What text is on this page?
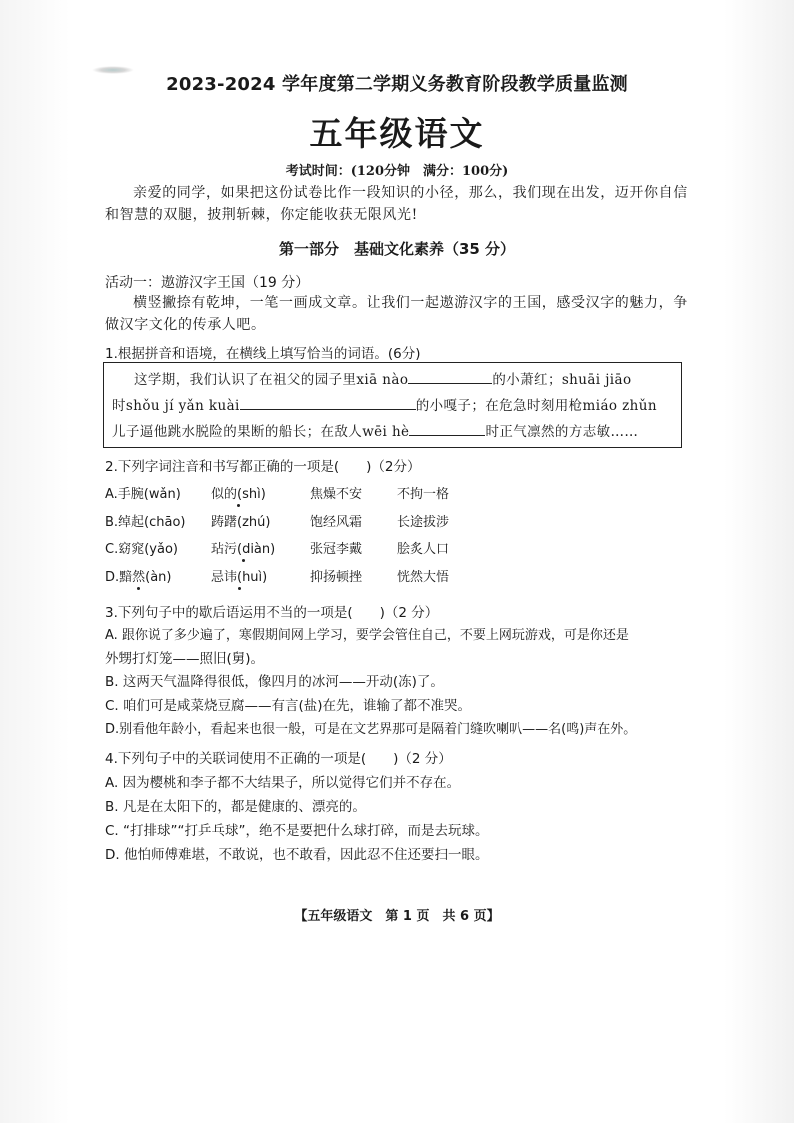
2023-2024 学年度第二学期义务教育阶段教学质量监测
五年级语文
考试时间：(120分钟　满分：100分)
亲爱的同学，如果把这份试卷比作一段知识的小径，那么，我们现在出发，迈开你自信和智慧的双腿，披荆斩棘，你定能收获无限风光!
第一部分　基础文化素养（35 分）
活动一：遨游汉字王国（19 分）
横竖撇捺有乾坤，一笔一画成文章。让我们一起遨游汉字的王国，感受汉字的魅力，争做汉字文化的传承人吧。
1.根据拼音和语境，在横线上填写恰当的词语。(6分)
这学期，我们认识了在祖父的园子里xiā nào	的小萧红；shuāi jiāo
时shǒu jí yǎn kuài	的小嘎子；在危急时刻用枪miáo zhǔn
儿子逼他跳水脱险的果断的船长；在敌人wēi hè	时正气凛然的方志敏……
2.下列字词注音和书写都正确的一项是(　　)（2分）
A.手腕(wǎn) 似的(shì)	焦燥不安	不拘一格
B.绰起(chāo) 踌躇(zhú)	饱经风霜	长途拔涉
C.窈窕(yǎo)	玷污(diàn)	张冠李戴	脍炙人口
D.黯然(àn)	忌讳(huì)	抑扬顿挫	恍然大悟
3.下列句子中的歇后语运用不当的一项是(　　)（2 分）
A. 跟你说了多少遍了，寒假期间网上学习，要学会管住自己，不要上网玩游戏，可是你还是
外甥打灯笼——照旧(舅)。
B. 这两天气温降得很低，像四月的冰河——开动(冻)了。
C. 咱们可是咸菜烧豆腐——有言(盐)在先，谁输了都不准哭。
D.别看他年龄小，看起来也很一般，可是在文艺界那可是隔着门缝吹喇叭——名(鸣)声在外。
4.下列句子中的关联词使用不正确的一项是(　　)（2 分）
A. 因为樱桃和李子都不大结果子，所以觉得它们并不存在。
B. 凡是在太阳下的，都是健康的、漂亮的。
C. “打排球”“打乒乓球”，绝不是要把什么球打碎，而是去玩球。
D. 他怕师傅难堪，不敢说，也不敢看，因此忍不住还要扫一眼。
【五年级语文　第 1 页　共 6 页】
